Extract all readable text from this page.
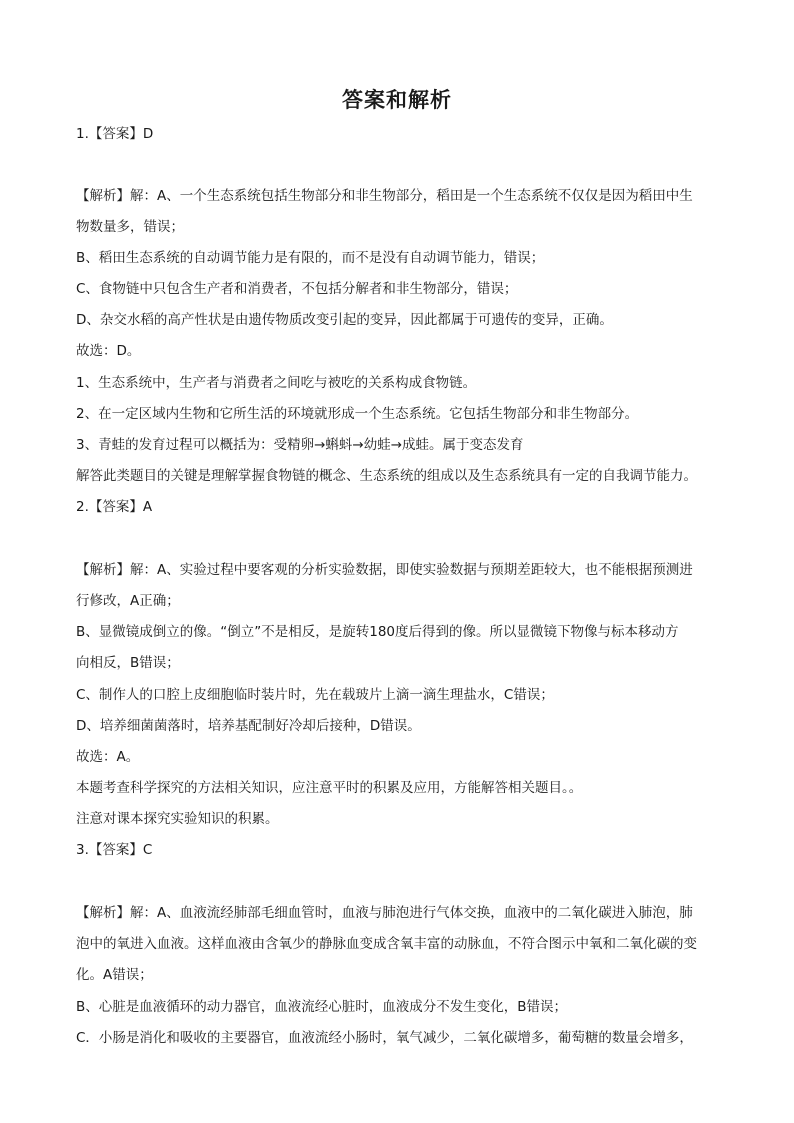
答案和解析
1.【答案】D
【解析】解：A、一个生态系统包括生物部分和非生物部分，稻田是一个生态系统不仅仅是因为稻田中生
物数量多，错误；
B、稻田生态系统的自动调节能力是有限的，而不是没有自动调节能力，错误；
C、食物链中只包含生产者和消费者，不包括分解者和非生物部分，错误；
D、杂交水稻的高产性状是由遗传物质改变引起的变异，因此都属于可遗传的变异，正确。
故选：D。
1、生态系统中，生产者与消费者之间吃与被吃的关系构成食物链。
2、在一定区域内生物和它所生活的环境就形成一个生态系统。它包括生物部分和非生物部分。
3、青蛙的发育过程可以概括为：受精卵→蝌蚪→幼蛙→成蛙。属于变态发育
解答此类题目的关键是理解掌握食物链的概念、生态系统的组成以及生态系统具有一定的自我调节能力。
2.【答案】A
【解析】解：A、实验过程中要客观的分析实验数据，即使实验数据与预期差距较大，也不能根据预测进
行修改，A正确；
B、显微镜成倒立的像。“倒立”不是相反，是旋转180度后得到的像。所以显微镜下物像与标本移动方
向相反，B错误；
C、制作人的口腔上皮细胞临时装片时，先在载玻片上滴一滴生理盐水，C错误；
D、培养细菌菌落时，培养基配制好冷却后接种，D错误。
故选：A。
本题考查科学探究的方法相关知识，应注意平时的积累及应用，方能解答相关题目。。
注意对课本探究实验知识的积累。
3.【答案】C
【解析】解：A、血液流经肺部毛细血管时，血液与肺泡进行气体交换，血液中的二氧化碳进入肺泡，肺
泡中的氧进入血液。这样血液由含氧少的静脉血变成含氧丰富的动脉血，不符合图示中氧和二氧化碳的变
化。A错误；
B、心脏是血液循环的动力器官，血液流经心脏时，血液成分不发生变化，B错误；
C．小肠是消化和吸收的主要器官，血液流经小肠时，氧气减少，二氧化碳增多，葡萄糖的数量会增多，
